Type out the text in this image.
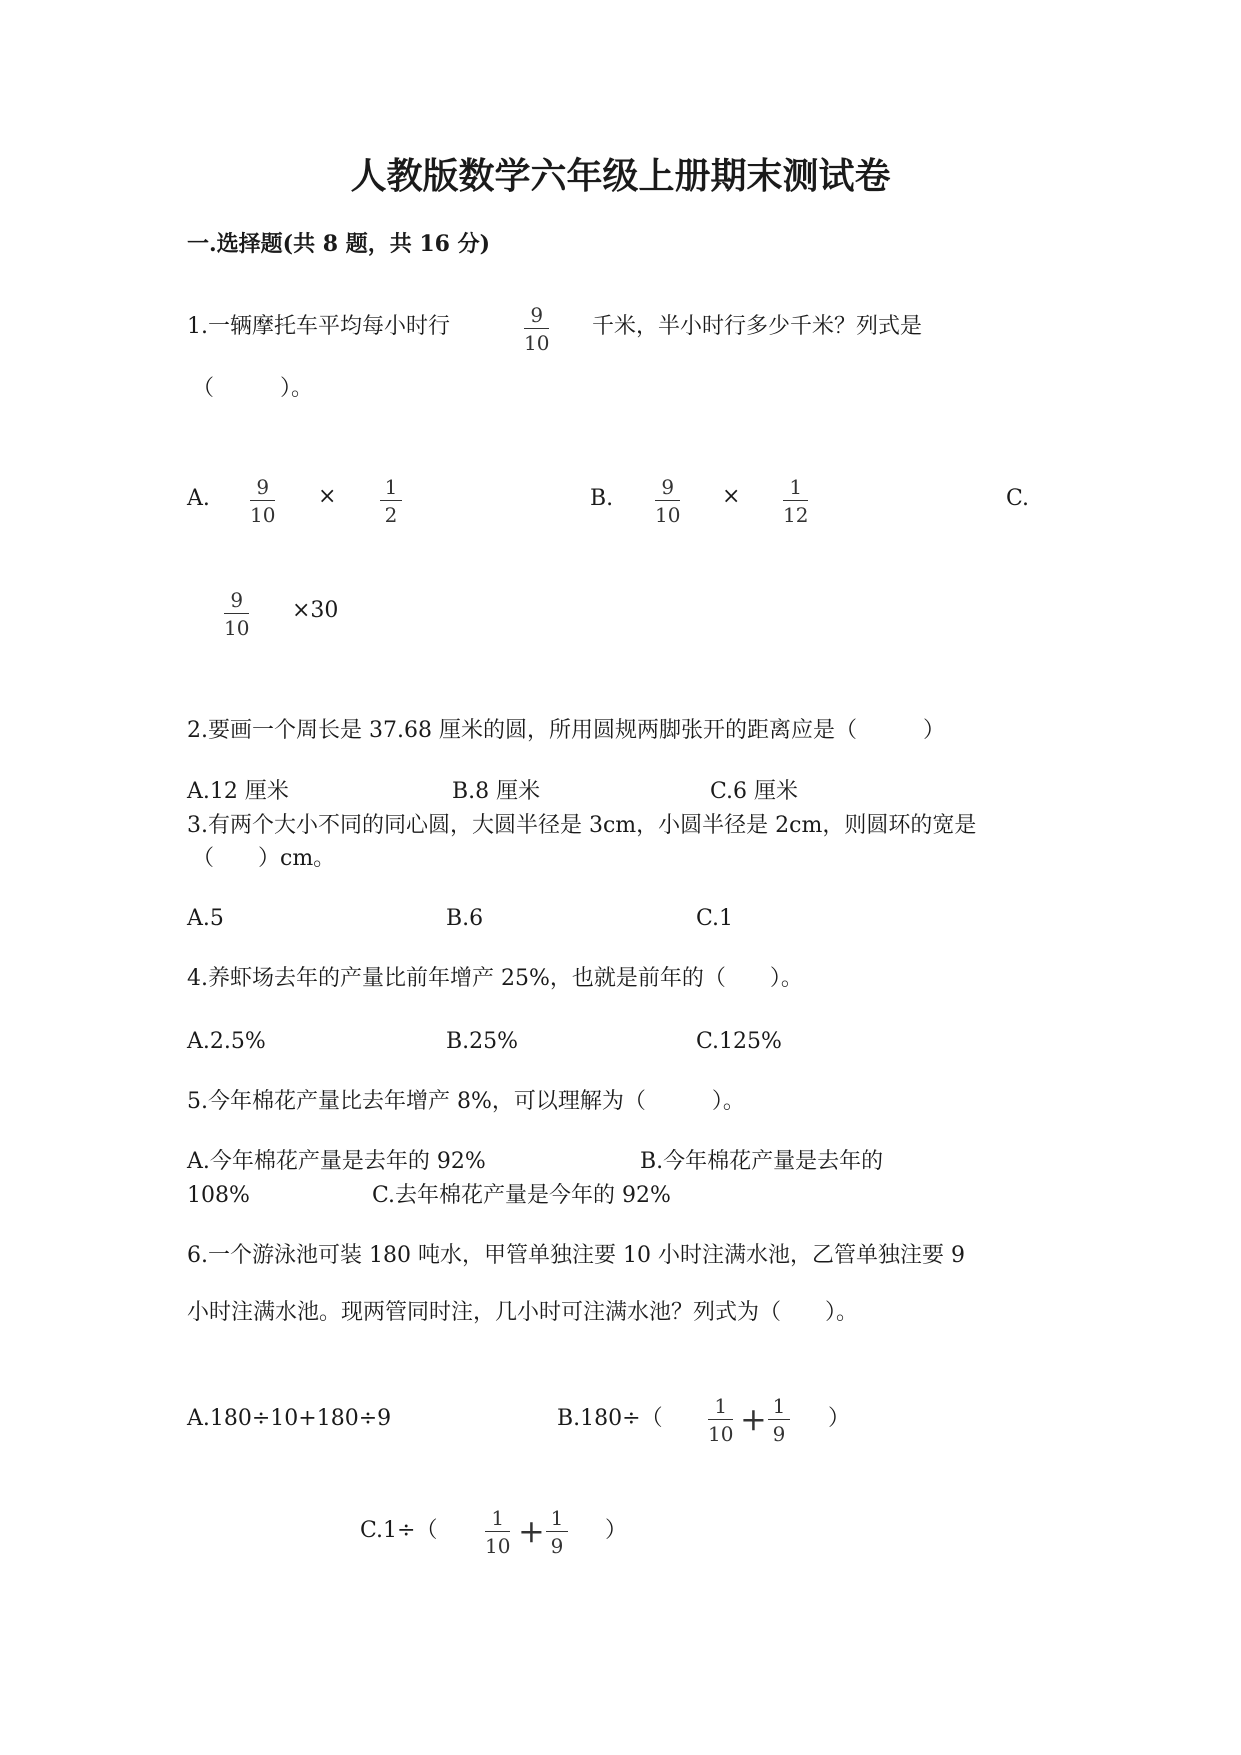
人教版数学六年级上册期末测试卷
一.选择题(共 8 题，共 16 分)
1.一辆摩托车平均每小时行	9
10
千米，半小时行多少千米？列式是
（　　　）。
A. 9
10
× 1
2
B. 9
10
× 1
12
C.
9
10
×30
2.要画一个周长是 37.68 厘米的圆，所用圆规两脚张开的距离应是（　　　）
A.12 厘米	B.8 厘米	C.6 厘米
3.有两个大小不同的同心圆，大圆半径是 3cm，小圆半径是 2cm，则圆环的宽是
（　　）cm。
A.5	B.6	C.1
4.养虾场去年的产量比前年增产 25%，也就是前年的（　　）。
A.2.5%	B.25%	C.125%
5.今年棉花产量比去年增产 8%，可以理解为（　　　）。
A.今年棉花产量是去年的 92%	B.今年棉花产量是去年的
108%	C.去年棉花产量是今年的 92%
6.一个游泳池可装 180 吨水，甲管单独注要 10 小时注满水池，乙管单独注要 9
小时注满水池。现两管同时注，几小时可注满水池？列式为（　　）。
A.180÷10+180÷9	B.180÷（	1
10 + 1
9
）
C.1÷（	1
10 + 1
9
）
